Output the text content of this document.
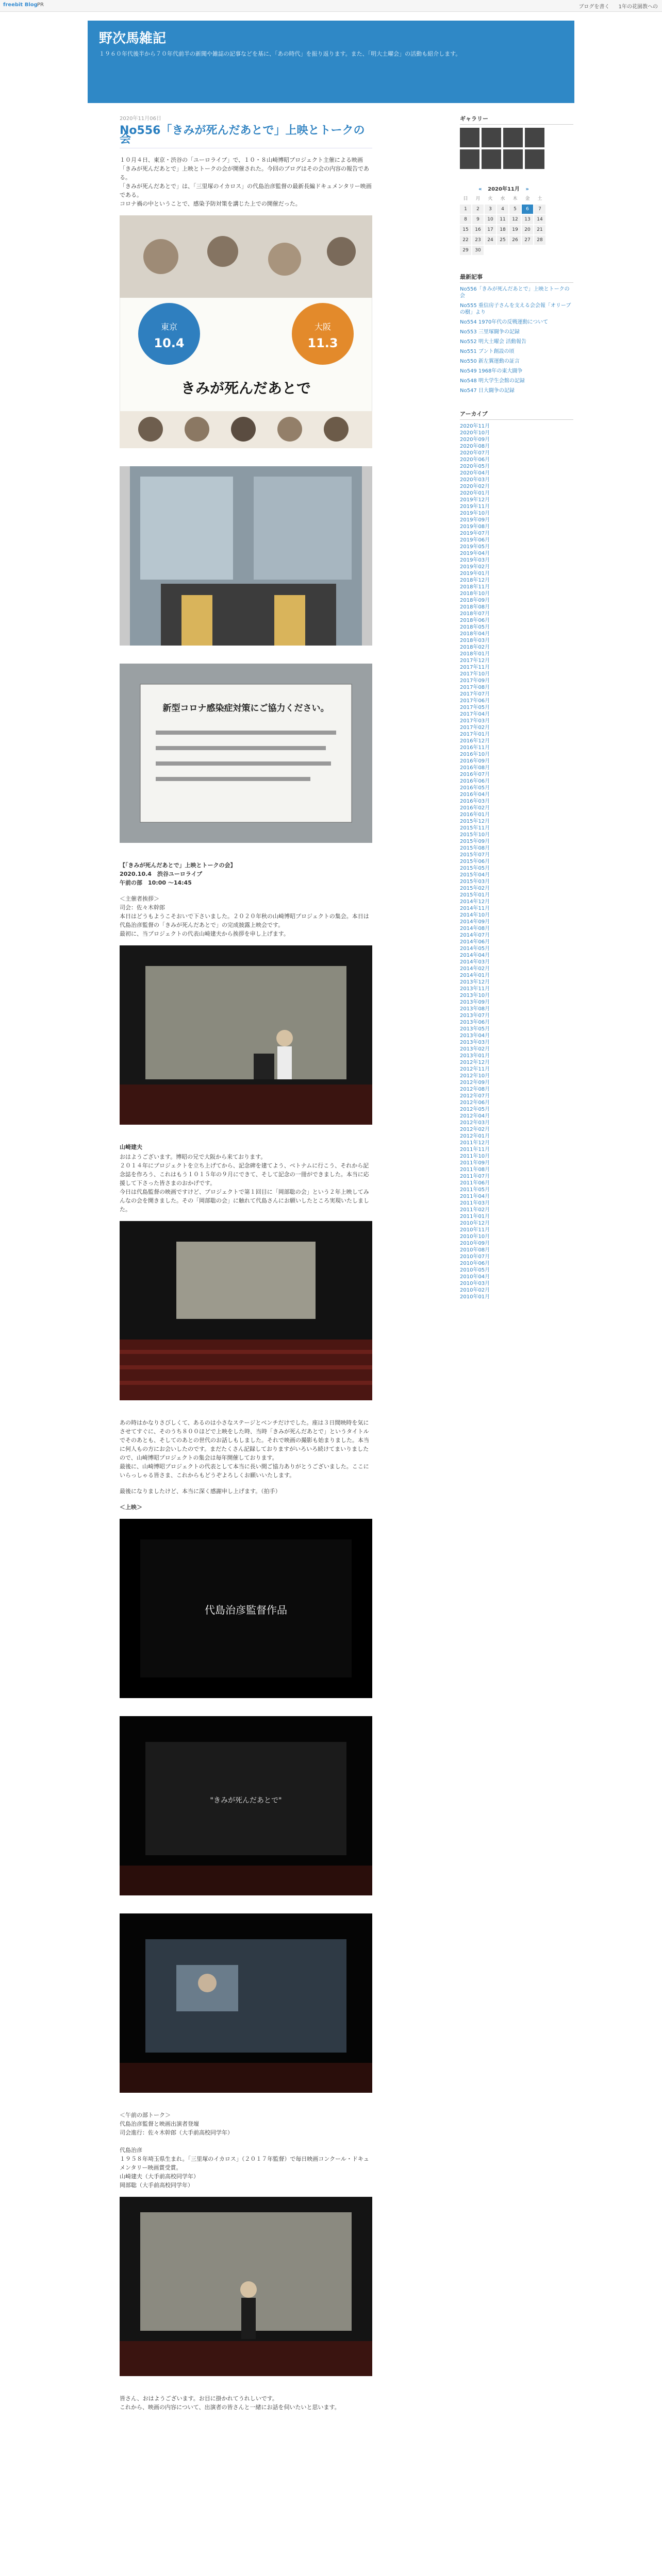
freebit Blog PR	ブログを書く 1年の花園教への
野次馬雑記

１９６０年代後半から７０年代前半の新聞や雑誌の記事などを基に、「あの時代」を振り返ります。また、「明大土曜会」の活動も紹介します。

2020年11月06日
No556「きみが死んだあとで」上映とトークの会
１０月４日、東京・渋谷の「ユーロライブ」で、１０・８山崎博昭プロジェクト主催による映画「きみが死んだあとで」上映とトークの会が開催された。今回のブログはその会の内容の報告である。
「きみが死んだあとで」は、「三里塚のイカロス」の代島治彦監督の最新長編ドキュメンタリー映画である。
コロナ禍の中ということで、感染予防対策を講じた上での開催だった。
東京
10.4
大阪
11.3
きみが死んだあとで
新型コロナ感染症対策にご協力ください。
【「きみが死んだあとで」上映とトークの会】
2020.10.4　渋谷ユーロライブ
午前の部　10:00 〜14:45
＜主催者挨拶＞
司会：佐々木幹郎
本日はどうもようこそおいで下さいました。２０２０年秋の山崎博昭プロジェクトの集会。本日は代島治彦監督の「きみが死んだあとで」の完成披露上映会です。
最初に、当プロジェクトの代表山崎建夫から挨拶を申し上げます。
山崎建夫
おはようございます。博昭の兄で大阪から来ております。
２０１４年にプロジェクトを立ち上げてから、記念碑を建てよう、ベトナムに行こう、それから記念誌を作ろう、これはもう１０１５年の９月にできて、そして記念の一冊ができました。本当に応援して下さった皆さまのおかげです。
今日は代島監督の映画ですけど、プロジェクトで第１回目に「岡部聡の会」という２年上映してみんなの会を開きました。その「岡部聡の会」に触れて代島さんにお願いしたところ実現いたしました。
あの時はかなりさびしくて、あるのは小さなステージとベンチだけでした。座は３日間映時を気にさせてすぐに、そのうち８００ほどで上映をした時、当時「きみが死んだあとで」というタイトルでそのあとも、そしてのあとの世代のお話しもしました。それで映画の撮影も始まりました。本当に何人もの方にお会いしたのです。まだたくさん記録しておりますがいろいろ続けてまいりましたので、山崎博昭プロジェクトの集会は毎年開催しております。
最後に、山崎博昭プロジェクトの代表として本当に長い間ご協力ありがとうございました。ここにいらっしゃる皆さま、これからもどうぞよろしくお願いいたします。
最後になりましたけど、本当に深く感謝申し上げます。（拍手）
＜上映＞
代島治彦監督作品
"きみが死んだあとで"
＜午前の部トーク＞
代島治彦監督と映画出演者登壇
司会進行：佐々木幹郎（大手前高校同学年）

代島治彦
１９５８年埼玉県生まれ。「三里塚のイカロス」（２０１７年監督）で毎日映画コンクール・ドキュメンタリー映画賞受賞。
山崎建夫（大手前高校同学年）
岡部聡（大手前高校同学年）
皆さん、おはようございます。お目に掛かれてうれしいです。
これから、映画の内容について、出演者の皆さんと一緒にお話を伺いたいと思います。
ギャラリー
« 2020年11月 »
日	月	火	水	木	金	土
1	2	3	4	5	6	7
8	9	10	11	12	13	14
15	16	17	18	19	20	21
22	23	24	25	26	27	28
29	30
最新記事
No556「きみが死んだあとで」上映とトークの会
No555 重信房子さんを支える会会報「オリーブの樹」より
No554 1970年代の反戦運動について
No553 三里塚闘争の記録
No552 明大土曜会 活動報告
No551 ブント創設の頃
No550 新左翼運動の証言
No549 1968年の東大闘争
No548 明大学生会館の記録
No547 日大闘争の記録
アーカイブ
2020年11月
2020年10月
2020年09月
2020年08月
2020年07月
2020年06月
2020年05月
2020年04月
2020年03月
2020年02月
2020年01月
2019年12月
2019年11月
2019年10月
2019年09月
2019年08月
2019年07月
2019年06月
2019年05月
2019年04月
2019年03月
2019年02月
2019年01月
2018年12月
2018年11月
2018年10月
2018年09月
2018年08月
2018年07月
2018年06月
2018年05月
2018年04月
2018年03月
2018年02月
2018年01月
2017年12月
2017年11月
2017年10月
2017年09月
2017年08月
2017年07月
2017年06月
2017年05月
2017年04月
2017年03月
2017年02月
2017年01月
2016年12月
2016年11月
2016年10月
2016年09月
2016年08月
2016年07月
2016年06月
2016年05月
2016年04月
2016年03月
2016年02月
2016年01月
2015年12月
2015年11月
2015年10月
2015年09月
2015年08月
2015年07月
2015年06月
2015年05月
2015年04月
2015年03月
2015年02月
2015年01月
2014年12月
2014年11月
2014年10月
2014年09月
2014年08月
2014年07月
2014年06月
2014年05月
2014年04月
2014年03月
2014年02月
2014年01月
2013年12月
2013年11月
2013年10月
2013年09月
2013年08月
2013年07月
2013年06月
2013年05月
2013年04月
2013年03月
2013年02月
2013年01月
2012年12月
2012年11月
2012年10月
2012年09月
2012年08月
2012年07月
2012年06月
2012年05月
2012年04月
2012年03月
2012年02月
2012年01月
2011年12月
2011年11月
2011年10月
2011年09月
2011年08月
2011年07月
2011年06月
2011年05月
2011年04月
2011年03月
2011年02月
2011年01月
2010年12月
2010年11月
2010年10月
2010年09月
2010年08月
2010年07月
2010年06月
2010年05月
2010年04月
2010年03月
2010年02月
2010年01月
